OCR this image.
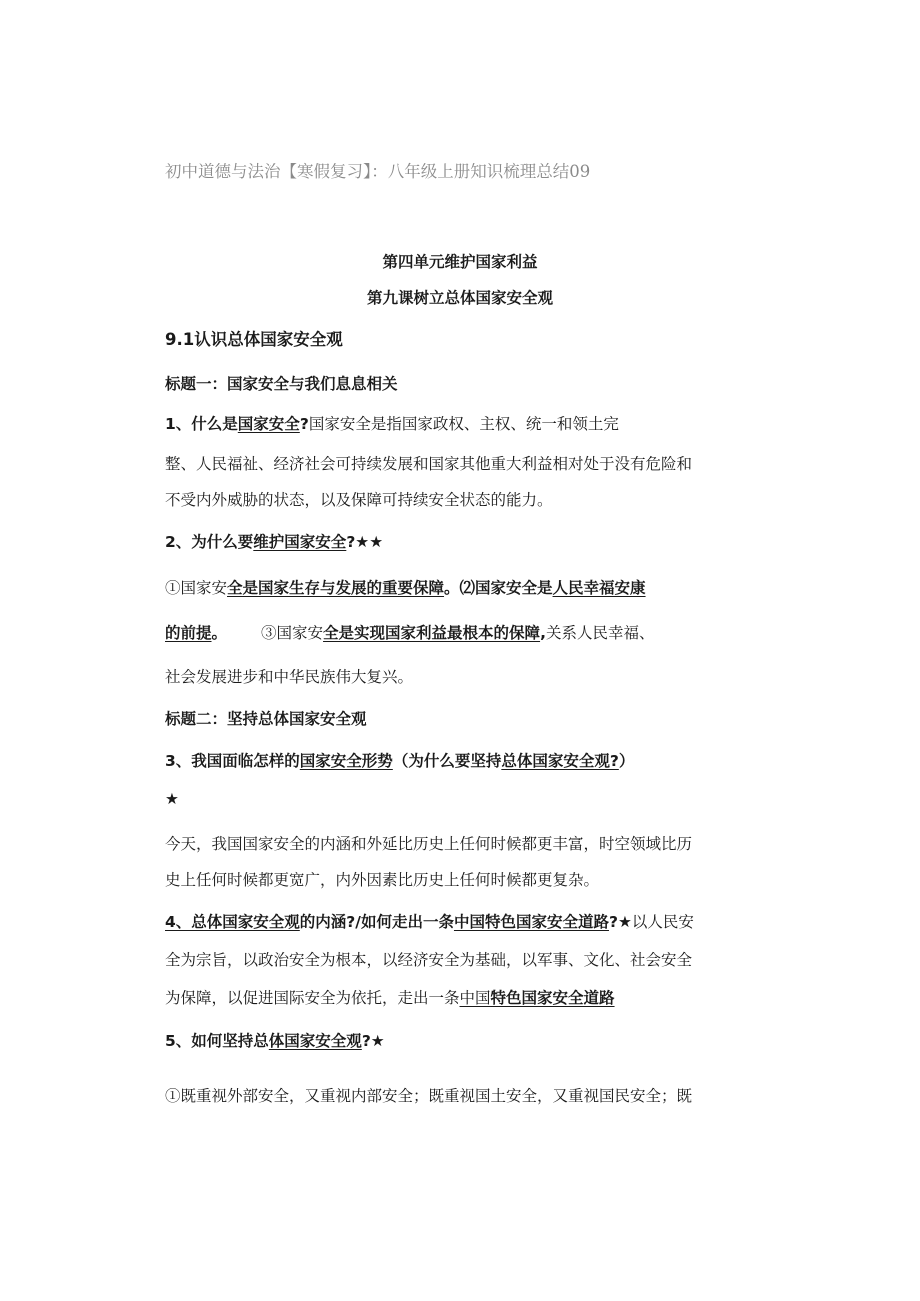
初中道德与法治【寒假复习】：八年级上册知识梳理总结09
第四单元维护国家利益
第九课树立总体国家安全观
9.1认识总体国家安全观
标题一：国家安全与我们息息相关
1、什么是国家安全?国家安全是指国家政权、主权、统一和领土完
整、人民福祉、经济社会可持续发展和国家其他重大利益相对处于没有危险和
不受内外威胁的状态，以及保障可持续安全状态的能力。
2、为什么要维护国家安全?★★
①国家安全是国家生存与发展的重要保障。⑵国家安全是人民幸福安康
的前提。 ③国家安全是实现国家利益最根本的保障,关系人民幸福、
社会发展进步和中华民族伟大复兴。
标题二：坚持总体国家安全观
3、我国面临怎样的国家安全形势（为什么要坚持总体国家安全观?）
★
今天，我国国家安全的内涵和外延比历史上任何时候都更丰富，时空领域比历
史上任何时候都更宽广，内外因素比历史上任何时候都更复杂。
4、总体国家安全观的内涵?/如何走出一条中国特色国家安全道路?★以人民安
全为宗旨，以政治安全为根本，以经济安全为基础，以军事、文化、社会安全
为保障，以促进国际安全为依托，走出一条中国特色国家安全道路
5、如何坚持总体国家安全观?★
①既重视外部安全，又重视内部安全；既重视国土安全，又重视国民安全；既
